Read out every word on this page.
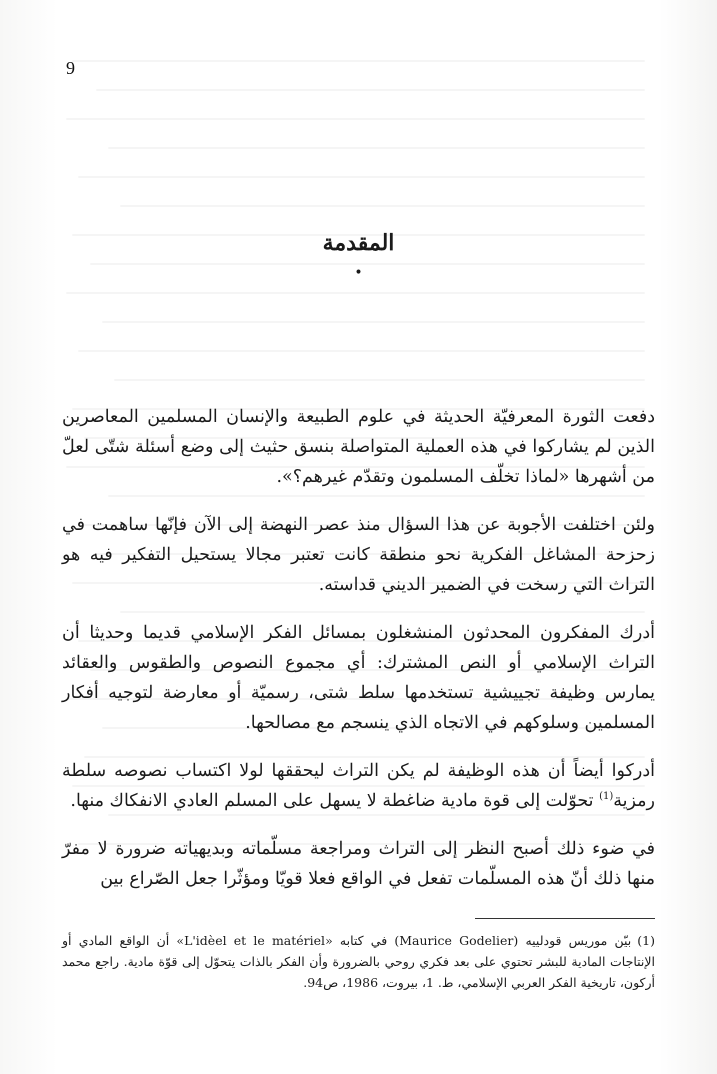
9
المقدمة
•

دفعت الثورة المعرفيّة الحديثة في علوم الطبيعة والإنسان المسلمين المعاصرين الذين لم يشاركوا في هذه العملية المتواصلة بنسق حثيث إلى وضع أسئلة شتّى لعلّ من أشهرها «لماذا تخلّف المسلمون وتقدّم غيرهم؟».

ولئن اختلفت الأجوبة عن هذا السؤال منذ عصر النهضة إلى الآن فإنّها ساهمت في زحزحة المشاغل الفكرية نحو منطقة كانت تعتبر مجالا يستحيل التفكير فيه هو التراث التي رسخت في الضمير الديني قداسته.

أدرك المفكرون المحدثون المنشغلون بمسائل الفكر الإسلامي قديما وحديثا أن التراث الإسلامي أو النص المشترك: أي مجموع النصوص والطقوس والعقائد يمارس وظيفة تجييشية تستخدمها سلط شتى، رسميّة أو معارضة لتوجيه أفكار المسلمين وسلوكهم في الاتجاه الذي ينسجم مع مصالحها.

أدركوا أيضاً أن هذه الوظيفة لم يكن التراث ليحققها لولا اكتساب نصوصه سلطة رمزية$^{(1)}$ تحوّلت إلى قوة مادية ضاغطة لا يسهل على المسلم العادي الانفكاك منها.

في ضوء ذلك أصبح النظر إلى التراث ومراجعة مسلّماته وبديهياته ضرورة لا مفرّ منها ذلك أنّ هذه المسلّمات تفعل في الواقع فعلا قويّا ومؤثّرا جعل الصّراع بين

(1)بيّن موريس قودلييه (Maurice Godelier) في كتابه «L'idèel et le matériel» أن الواقع المادي أو الإنتاجات المادية للبشر تحتوي على بعد فكري روحي بالضرورة وأن الفكر بالذات يتحوّل إلى قوّة مادية. راجع محمد أركون، تاريخية الفكر العربي الإسلامي، ط. 1، بيروت، 1986، ص94.
